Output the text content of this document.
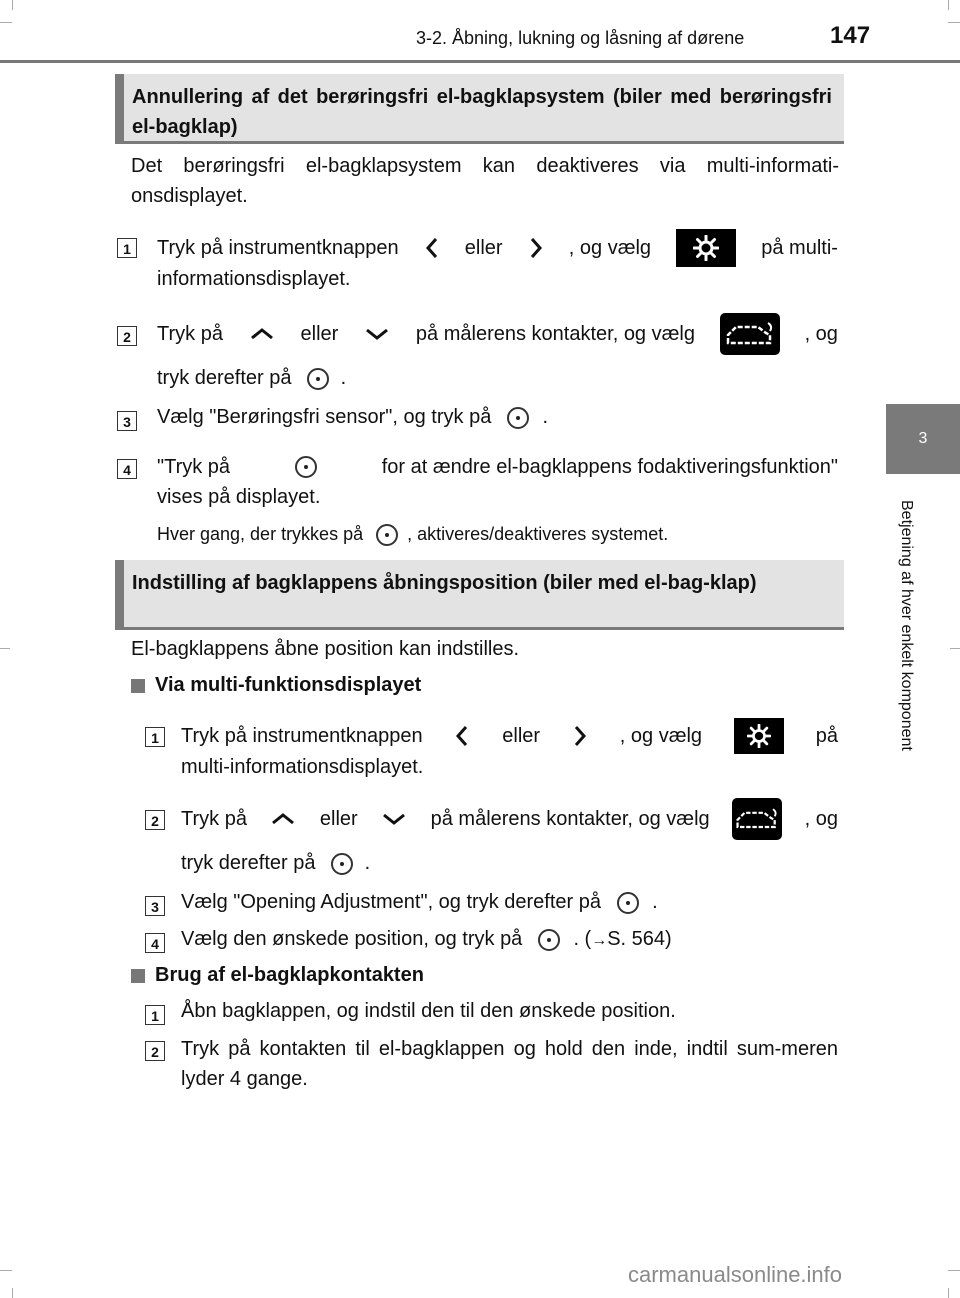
3-2. Åbning, lukning og låsning af dørene	147
3
Betjening af hver enkelt komponent
Annullering af det berøringsfri el-bagklapsystem (biler med berøringsfri el-bagklap)
Det berøringsfri el-bagklapsystem kan deaktiveres via multi-informati-onsdisplayet.
1	Tryk på instrumentknappen	eller	, og vælg	på multi-
informationsdisplayet.
2	Tryk på	eller	på målerens kontakter, og vælg	, og
tryk derefter på .
3	Vælg "Berøringsfri sensor", og tryk på	.
4	"Tryk på	for at ændre el-bagklappens fodaktiveringsfunktion"
vises på displayet.
Hver gang, der trykkes på , aktiveres/deaktiveres systemet.
Indstilling af bagklappens åbningsposition (biler med el-bag-klap)
El-bagklappens åbne position kan indstilles.
Via multi-funktionsdisplayet
1	Tryk på instrumentknappen	eller	, og vælg	på
multi-informationsdisplayet.
2	Tryk på	eller	på målerens kontakter, og vælg	, og
tryk derefter på .
3	Vælg "Opening Adjustment", og tryk derefter på	.
4	Vælg den ønskede position, og tryk på	. (→S. 564)
Brug af el-bagklapkontakten
1	Åbn bagklappen, og indstil den til den ønskede position.
2	Tryk på kontakten til el-bagklappen og hold den inde, indtil sum-meren lyder 4 gange.
carmanualsonline.info
